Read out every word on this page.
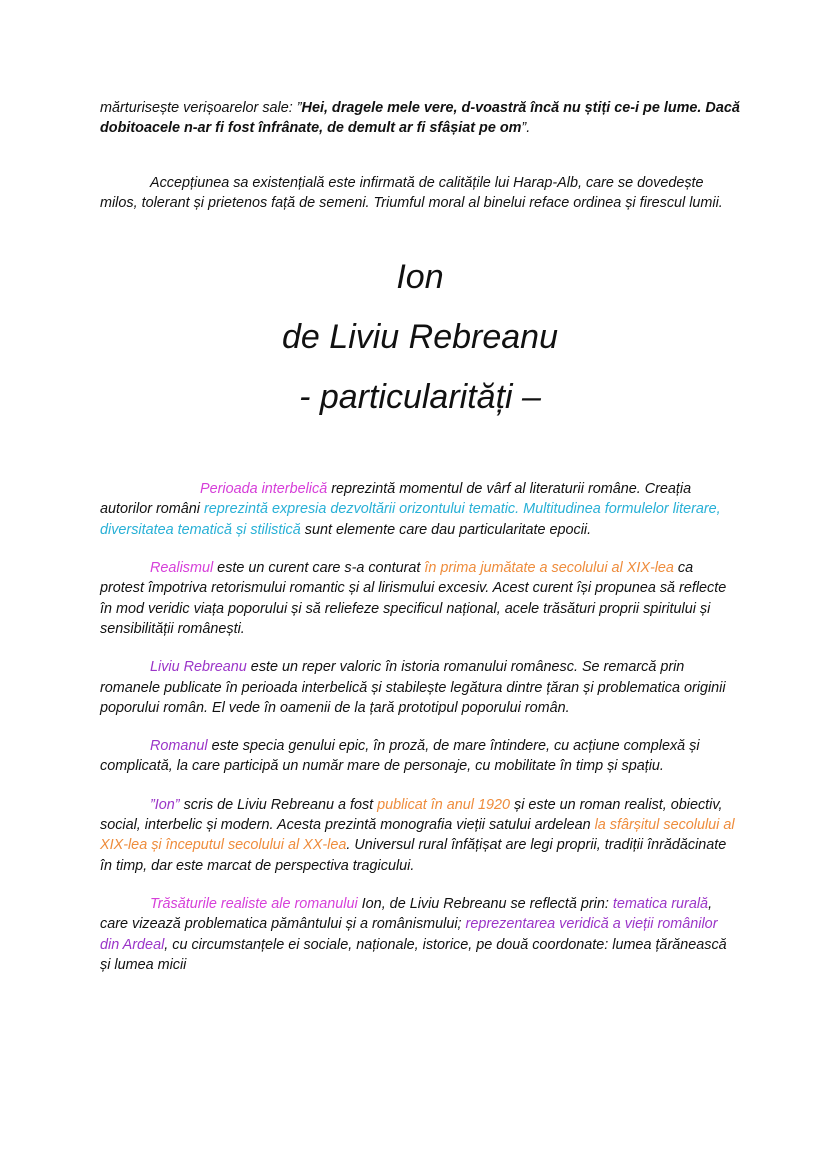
mărturisește verișoarelor sale: ”Hei, dragele mele vere, d-voastră încă nu știți ce-i pe lume. Dacă dobitoacele n-ar fi fost înfrânate, de demult ar fi sfâșiat pe om”.

Accepțiunea sa existențială este infirmată de calitățile lui Harap-Alb, care se dovedește milos, tolerant și prietenos față de semeni. Triumful moral al binelui reface ordinea și firescul lumii.

Ion
de Liviu Rebreanu
- particularități –

Perioada interbelică reprezintă momentul de vârf al literaturii române. Creația autorilor români reprezintă expresia dezvoltării orizontului tematic. Multitudinea formulelor literare, diversitatea tematică și stilistică sunt elemente care dau particularitate epocii.

Realismul este un curent care s-a conturat în prima jumătate a secolului al XIX-lea ca protest împotriva retorismului romantic și al lirismului excesiv. Acest curent își propunea să reflecte în mod veridic viața poporului și să reliefeze specificul național, acele trăsături proprii spiritului și sensibilității românești.

Liviu Rebreanu este un reper valoric în istoria romanului românesc. Se remarcă prin romanele publicate în perioada interbelică și stabilește legătura dintre țăran și problematica originii poporului român. El vede în oamenii de la țară prototipul poporului român.

Romanul este specia genului epic, în proză, de mare întindere, cu acțiune complexă și complicată, la care participă un număr mare de personaje, cu mobilitate în timp și spațiu.

”Ion” scris de Liviu Rebreanu a fost publicat în anul 1920 și este un roman realist, obiectiv, social, interbelic și modern. Acesta prezintă monografia vieții satului ardelean la sfârșitul secolului al XIX-lea și începutul secolului al XX-lea. Universul rural înfățișat are legi proprii, tradiții înrădăcinate în timp, dar este marcat de perspectiva tragicului.

Trăsăturile realiste ale romanului Ion, de Liviu Rebreanu se reflectă prin: tematica rurală, care vizează problematica pământului și a românismului; reprezentarea veridică a vieții românilor din Ardeal, cu circumstanțele ei sociale, naționale, istorice, pe două coordonate: lumea țărănească și lumea micii
